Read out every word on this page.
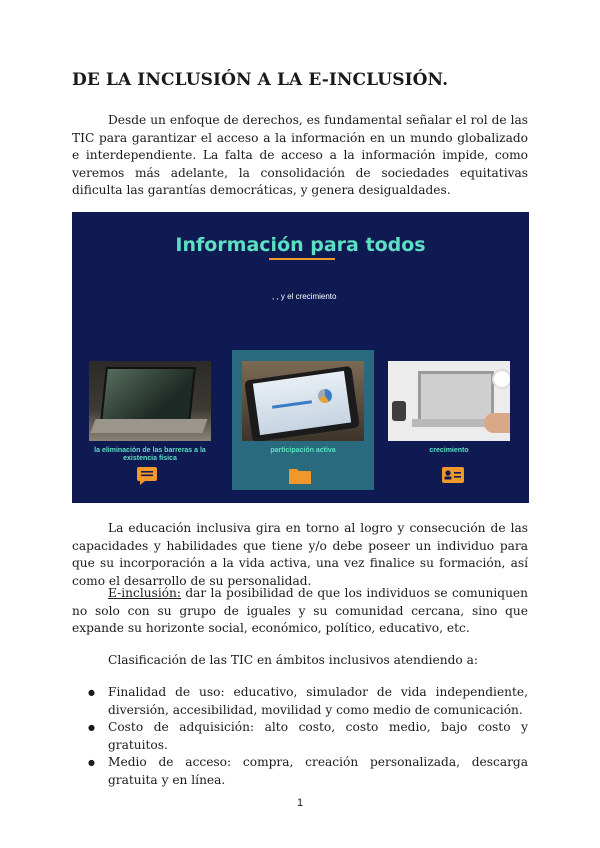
DE LA INCLUSIÓN A LA E-INCLUSIÓN.
Desde un enfoque de derechos, es fundamental señalar el rol de las TIC para garantizar el acceso a la información en un mundo globalizado e interdependiente. La falta de acceso a la información impide, como veremos más adelante, la consolidación de sociedades equitativas dificulta las garantías democráticas, y genera desigualdades.
Información para todos
, , y el crecimiento
la eliminación de las barreras a la existencia física
participación activa	crecimiento
La educación inclusiva gira en torno al logro y consecución de las capacidades y habilidades que tiene y/o debe poseer un individuo para que su incorporación a la vida activa, una vez finalice su formación, así como el desarrollo de su personalidad.
E-inclusión: dar la posibilidad de que los individuos se comuniquen no solo con su grupo de iguales y su comunidad cercana, sino que expande su horizonte social, económico, político, educativo, etc.
Clasificación de las TIC en ámbitos inclusivos atendiendo a:
● Finalidad de uso: educativo, simulador de vida independiente, diversión, accesibilidad, movilidad y como medio de comunicación.
● Costo de adquisición: alto costo, costo medio, bajo costo y gratuitos.
● Medio de acceso: compra, creación personalizada, descarga gratuita y en línea.
1
